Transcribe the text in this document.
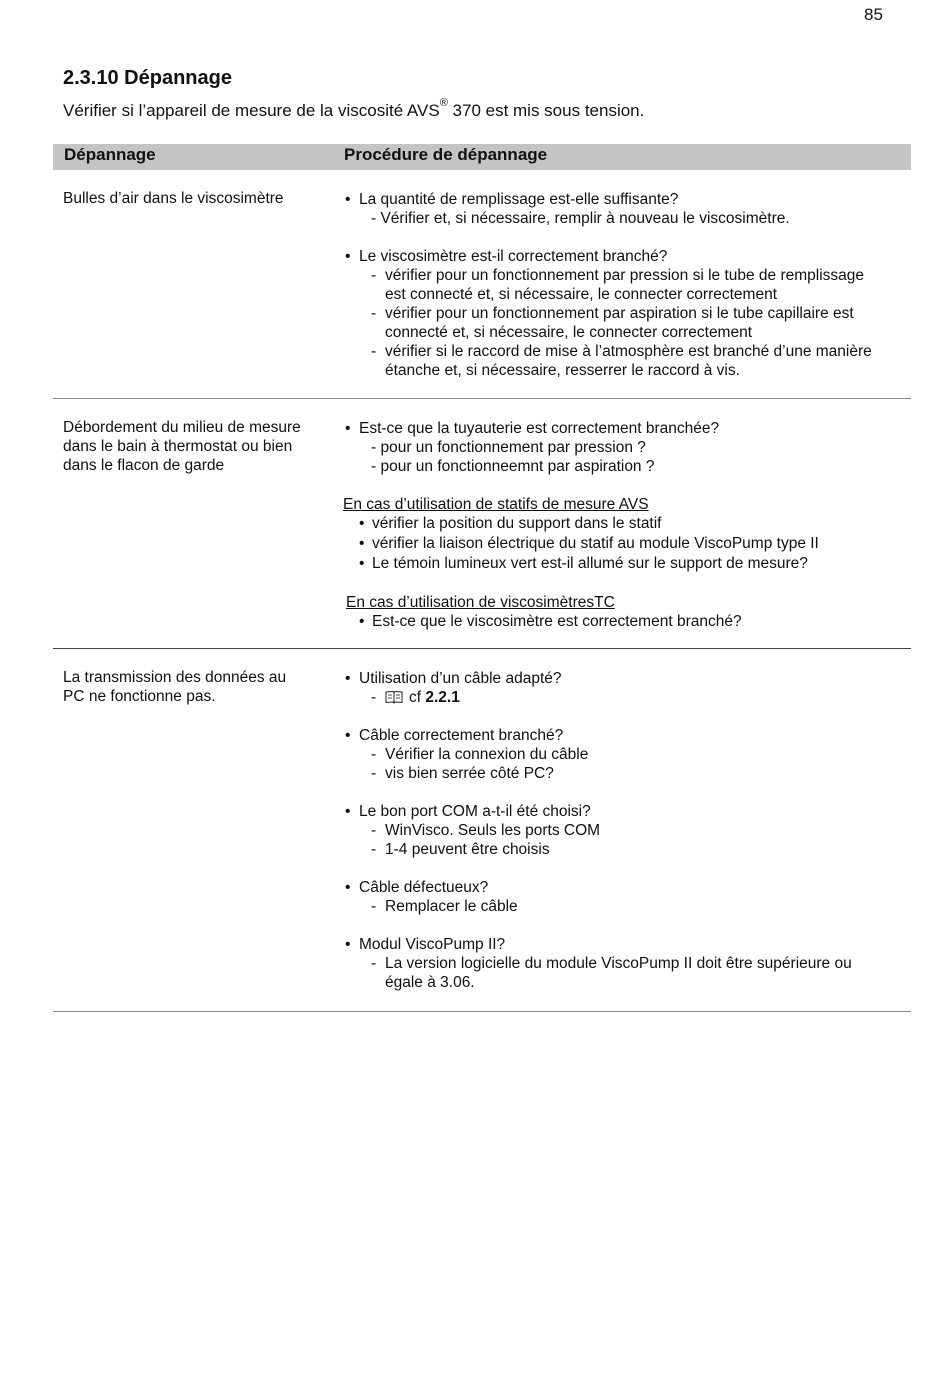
85
2.3.10 Dépannage

Vérifier si l’appareil de mesure de la viscosité AVS® 370 est mis sous tension.

Dépannage	Procédure de dépannage
Bulles d’air dans le viscosimètre
•	La quantité de remplissage est-elle suffisante?
- Vérifier et, si nécessaire, remplir à nouveau le viscosimètre.
• Le viscosimètre est-il correctement branché?
- vérifier pour un fonctionnement par pression si le tube de remplissage
est connecté et, si nécessaire, le connecter correctement
- vérifier pour un fonctionnement par aspiration si le tube capillaire est
connecté et, si nécessaire, le connecter correctement
- vérifier si le raccord de mise à l’atmosphère est branché d’une manière
étanche et, si nécessaire, resserrer le raccord à vis.
Débordement du milieu de mesure
dans le bain à thermostat ou bien
dans le flacon de garde
• Est-ce que la tuyauterie est correctement branchée?
- pour un fonctionnement par pression ?
- pour un fonctionneemnt par aspiration ?
En cas d’utilisation de statifs de mesure AVS
• vérifier la position du support dans le statif
• vérifier la liaison électrique du statif au module ViscoPump type II
• Le témoin lumineux vert est-il allumé sur le support de mesure?
En cas d’utilisation de viscosimètresTC
• Est-ce que le viscosimètre est correctement branché?
La transmission des données au
PC ne fonctionne pas.
• Utilisation d’un câble adapté?
- cf 2.2.1
• Câble correctement branché?
- Vérifier la connexion du câble
- vis bien serrée côté PC?
• Le bon port COM a-t-il été choisi?
- WinVisco. Seuls les ports COM
- 1-4 peuvent être choisis
• Câble défectueux?
- Remplacer le câble
• Modul ViscoPump II?
- La version logicielle du module ViscoPump II doit être supérieure ou
égale à 3.06.
